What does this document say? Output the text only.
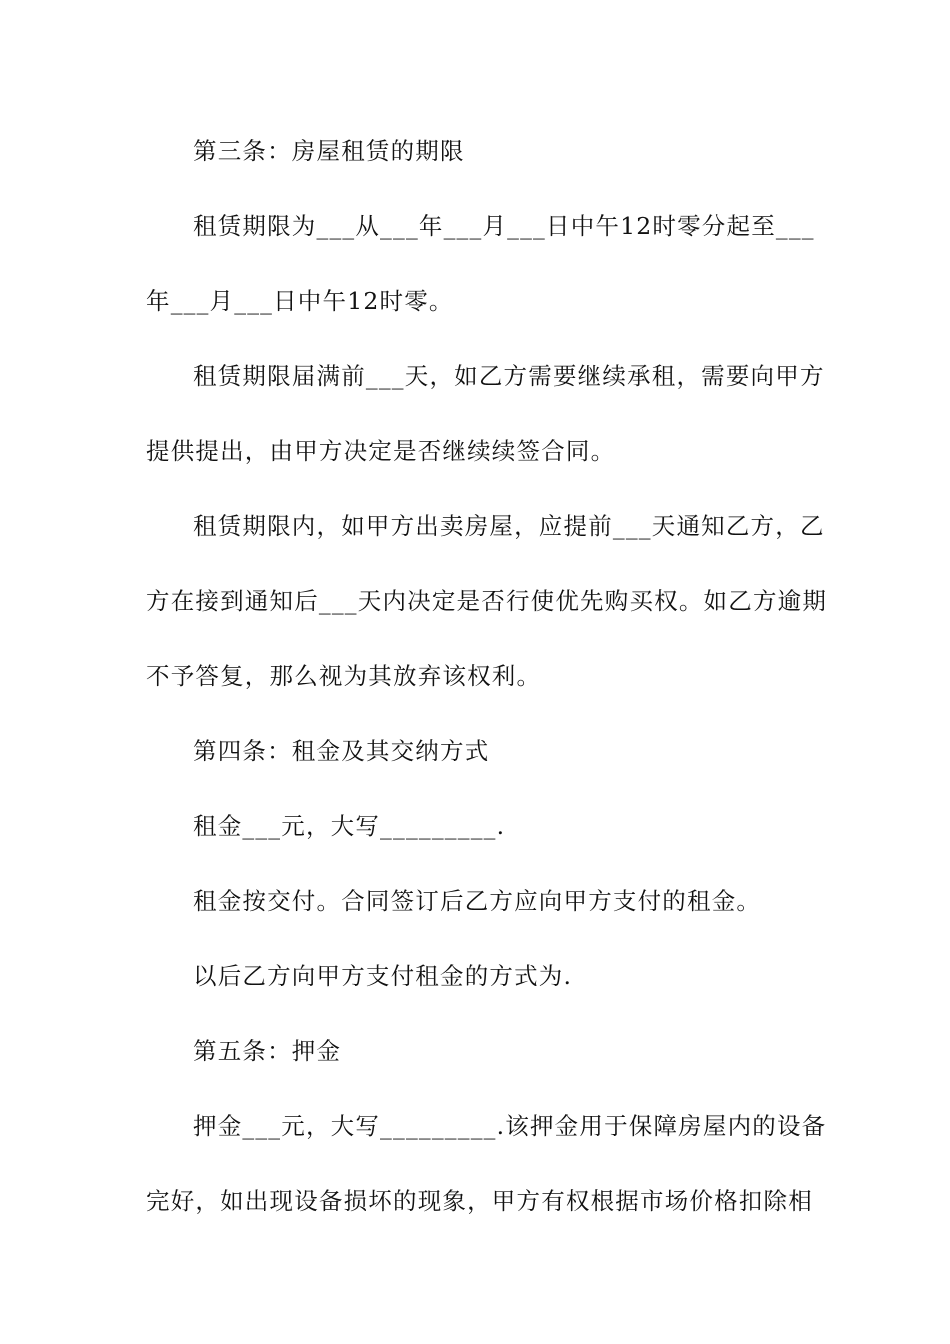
第三条：房屋租赁的期限
租赁期限为___从___年___月___日中午12时零分起至___
年___月___日中午12时零。
租赁期限届满前___天，如乙方需要继续承租，需要向甲方
提供提出，由甲方决定是否继续续签合同。
租赁期限内，如甲方出卖房屋，应提前___天通知乙方，乙
方在接到通知后___天内决定是否行使优先购买权。如乙方逾期
不予答复，那么视为其放弃该权利。
第四条：租金及其交纳方式
租金___元，大写_________.
租金按交付。合同签订后乙方应向甲方支付的租金。
以后乙方向甲方支付租金的方式为.
第五条：押金
押金___元，大写_________.该押金用于保障房屋内的设备
完好，如出现设备损坏的现象，甲方有权根据市场价格扣除相
